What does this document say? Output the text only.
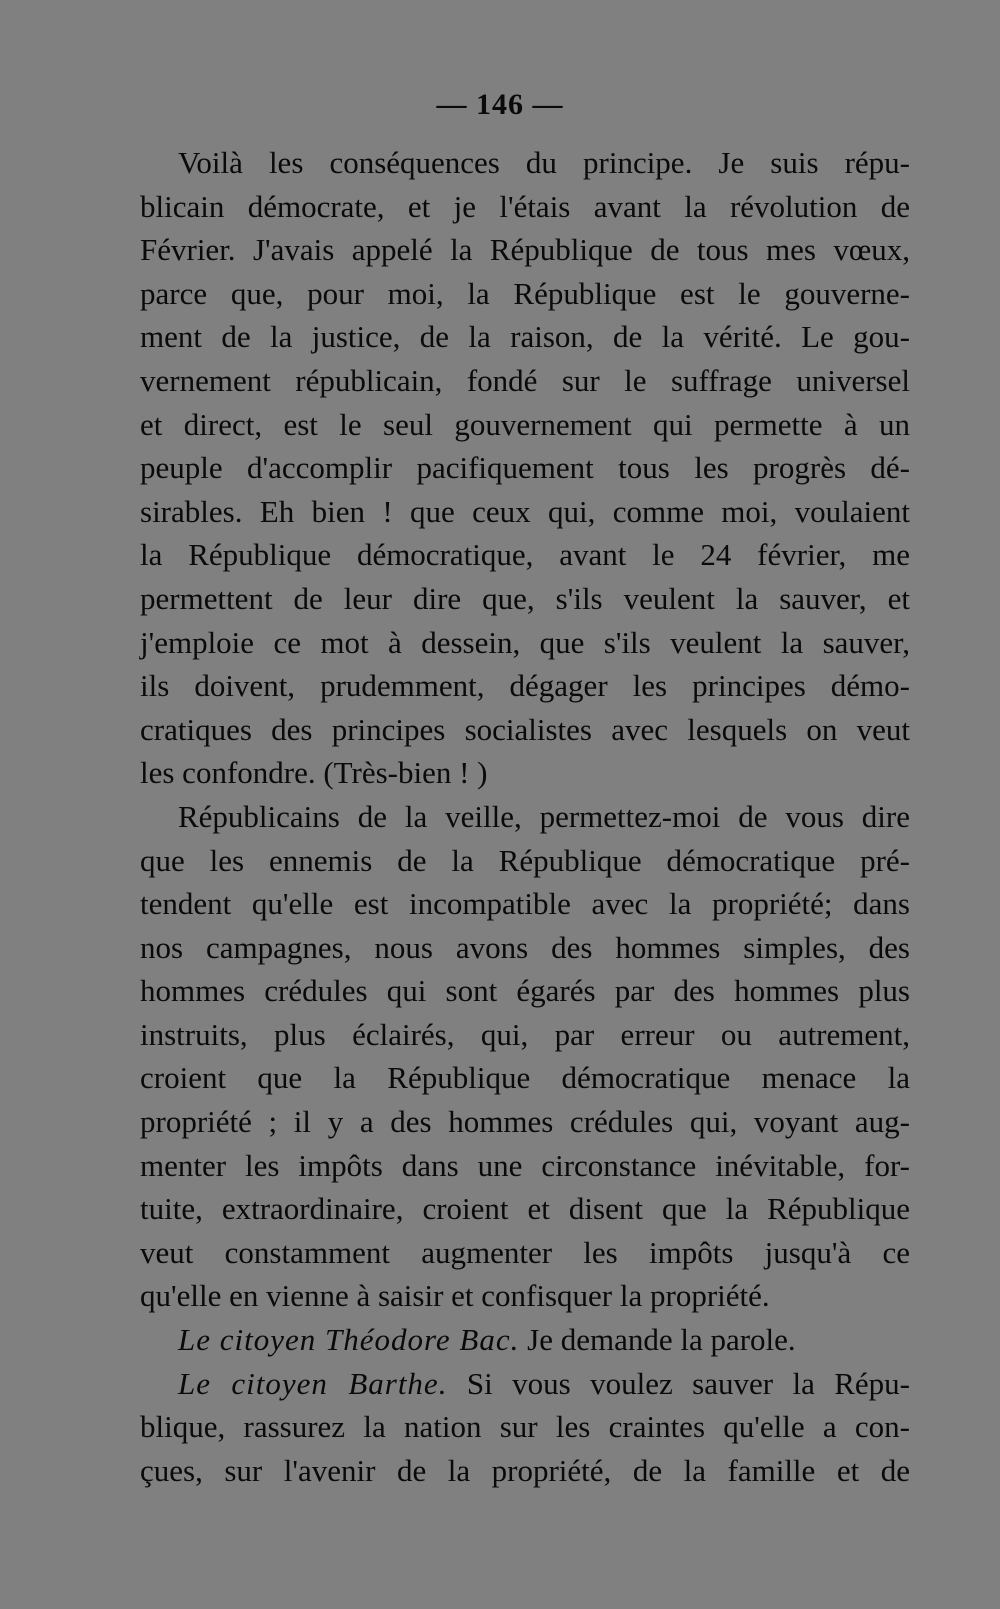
— 146 —
Voilà les conséquences du principe. Je suis répu-
blicain démocrate, et je l'étais avant la révolution de
Février. J'avais appelé la République de tous mes vœux,
parce que, pour moi, la République est le gouverne-
ment de la justice, de la raison, de la vérité. Le gou-
vernement républicain, fondé sur le suffrage universel
et direct, est le seul gouvernement qui permette à un
peuple d'accomplir pacifiquement tous les progrès dé-
sirables. Eh bien ! que ceux qui, comme moi, voulaient
la République démocratique, avant le 24 février, me
permettent de leur dire que, s'ils veulent la sauver, et
j'emploie ce mot à dessein, que s'ils veulent la sauver,
ils doivent, prudemment, dégager les principes démo-
cratiques des principes socialistes avec lesquels on veut
les confondre. (Très-bien ! )
Républicains de la veille, permettez-moi de vous dire
que les ennemis de la République démocratique pré-
tendent qu'elle est incompatible avec la propriété; dans
nos campagnes, nous avons des hommes simples, des
hommes crédules qui sont égarés par des hommes plus
instruits, plus éclairés, qui, par erreur ou autrement,
croient que la République démocratique menace la
propriété ; il y a des hommes crédules qui, voyant aug-
menter les impôts dans une circonstance inévitable, for-
tuite, extraordinaire, croient et disent que la République
veut constamment augmenter les impôts jusqu'à ce
qu'elle en vienne à saisir et confisquer la propriété.
Le citoyen Théodore Bac. Je demande la parole.
Le citoyen Barthe. Si vous voulez sauver la Répu-
blique, rassurez la nation sur les craintes qu'elle a con-
çues, sur l'avenir de la propriété, de la famille et de
